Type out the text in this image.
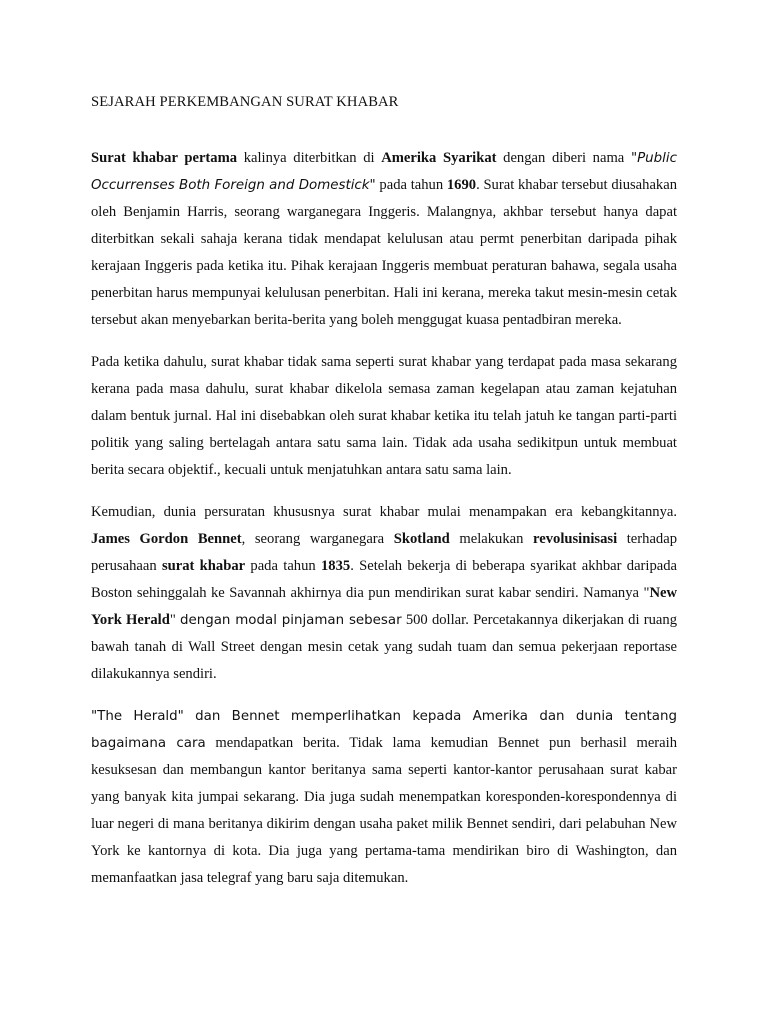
SEJARAH PERKEMBANGAN SURAT KHABAR

Surat khabar pertama kalinya diterbitkan di Amerika Syarikat dengan diberi nama "Public Occurrenses Both Foreign and Domestick" pada tahun 1690. Surat khabar tersebut diusahakan oleh Benjamin Harris, seorang warganegara Inggeris. Malangnya, akhbar tersebut hanya dapat diterbitkan sekali sahaja kerana tidak mendapat kelulusan atau permt penerbitan daripada pihak kerajaan Inggeris pada ketika itu. Pihak kerajaan Inggeris membuat peraturan bahawa, segala usaha penerbitan harus mempunyai kelulusan penerbitan. Hali ini kerana, mereka takut mesin-mesin cetak tersebut akan menyebarkan berita-berita yang boleh menggugat kuasa pentadbiran mereka.

Pada ketika dahulu, surat khabar tidak sama seperti surat khabar yang terdapat pada masa sekarang kerana pada masa dahulu, surat khabar dikelola semasa zaman kegelapan atau zaman kejatuhan dalam bentuk jurnal. Hal ini disebabkan oleh surat khabar ketika itu telah jatuh ke tangan parti-parti politik yang saling bertelagah antara satu sama lain. Tidak ada usaha sedikitpun untuk membuat berita secara objektif., kecuali untuk menjatuhkan antara satu sama lain.

Kemudian, dunia persuratan khususnya surat khabar mulai menampakan era kebangkitannya. James Gordon Bennet, seorang warganegara Skotland melakukan revolusinisasi terhadap perusahaan surat khabar pada tahun 1835. Setelah bekerja di beberapa syarikat akhbar daripada Boston sehinggalah ke Savannah akhirnya dia pun mendirikan surat kabar sendiri. Namanya "New York Herald" dengan modal pinjaman sebesar 500 dollar. Percetakannya dikerjakan di ruang bawah tanah di Wall Street dengan mesin cetak yang sudah tuam dan semua pekerjaan reportase dilakukannya sendiri.

"The Herald" dan Bennet memperlihatkan kepada Amerika dan dunia tentang bagaimana cara mendapatkan berita. Tidak lama kemudian Bennet pun berhasil meraih kesuksesan dan membangun kantor beritanya sama seperti kantor-kantor perusahaan surat kabar yang banyak kita jumpai sekarang. Dia juga sudah menempatkan koresponden-korespondennya di luar negeri di mana beritanya dikirim dengan usaha paket milik Bennet sendiri, dari pelabuhan New York ke kantornya di kota. Dia juga yang pertama-tama mendirikan biro di Washington, dan memanfaatkan jasa telegraf yang baru saja ditemukan.
